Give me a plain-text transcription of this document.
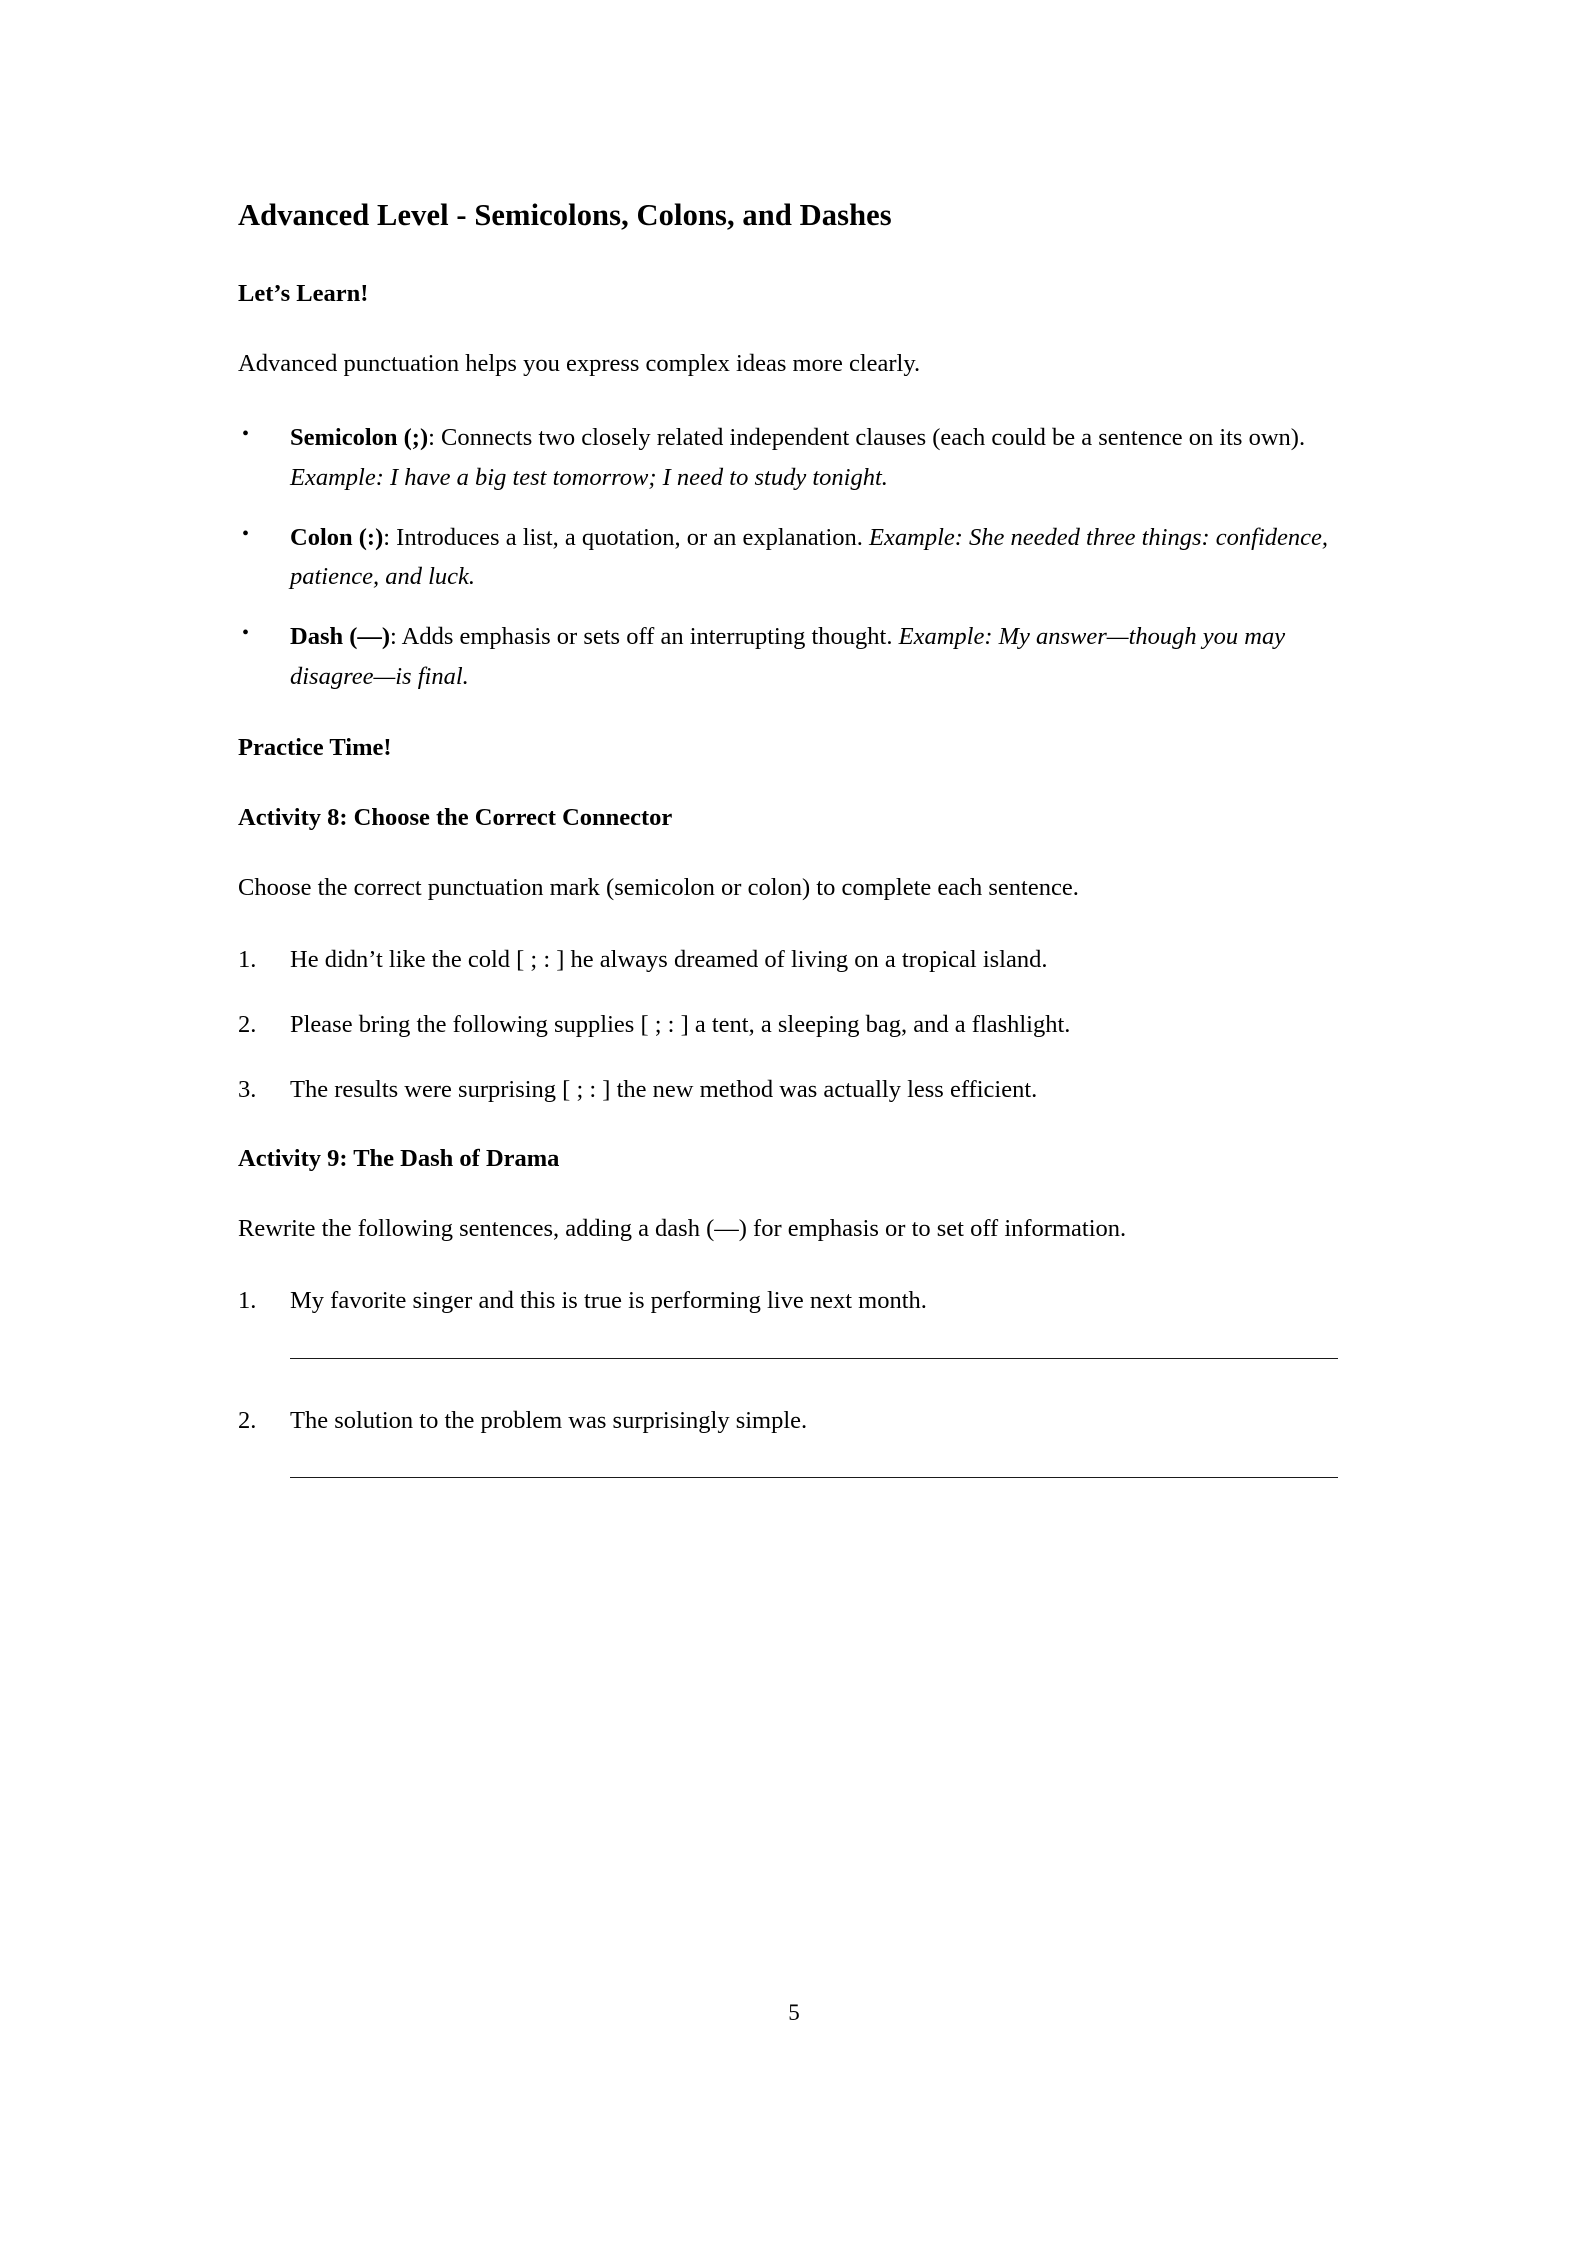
Advanced Level - Semicolons, Colons, and Dashes
Let’s Learn!

Advanced punctuation helps you express complex ideas more clearly.

• Semicolon (;): Connects two closely related independent clauses (each could be a sentence on its own). Example: I have a big test tomorrow; I need to study tonight.
• Colon (:): Introduces a list, a quotation, or an explanation. Example: She needed three things: confidence, patience, and luck.
• Dash (—): Adds emphasis or sets off an interrupting thought. Example: My answer—though you may disagree—is final.
Practice Time!
Activity 8: Choose the Correct Connector

Choose the correct punctuation mark (semicolon or colon) to complete each sentence.

1.	He didn’t like the cold [ ; : ] he always dreamed of living on a tropical island.
2.	Please bring the following supplies [ ; : ] a tent, a sleeping bag, and a flashlight.
3.	The results were surprising [ ; : ] the new method was actually less efficient.
Activity 9: The Dash of Drama

Rewrite the following sentences, adding a dash (—) for emphasis or to set off information.

1.	My favorite singer and this is true is performing live next month.
2.	The solution to the problem was surprisingly simple.
5
